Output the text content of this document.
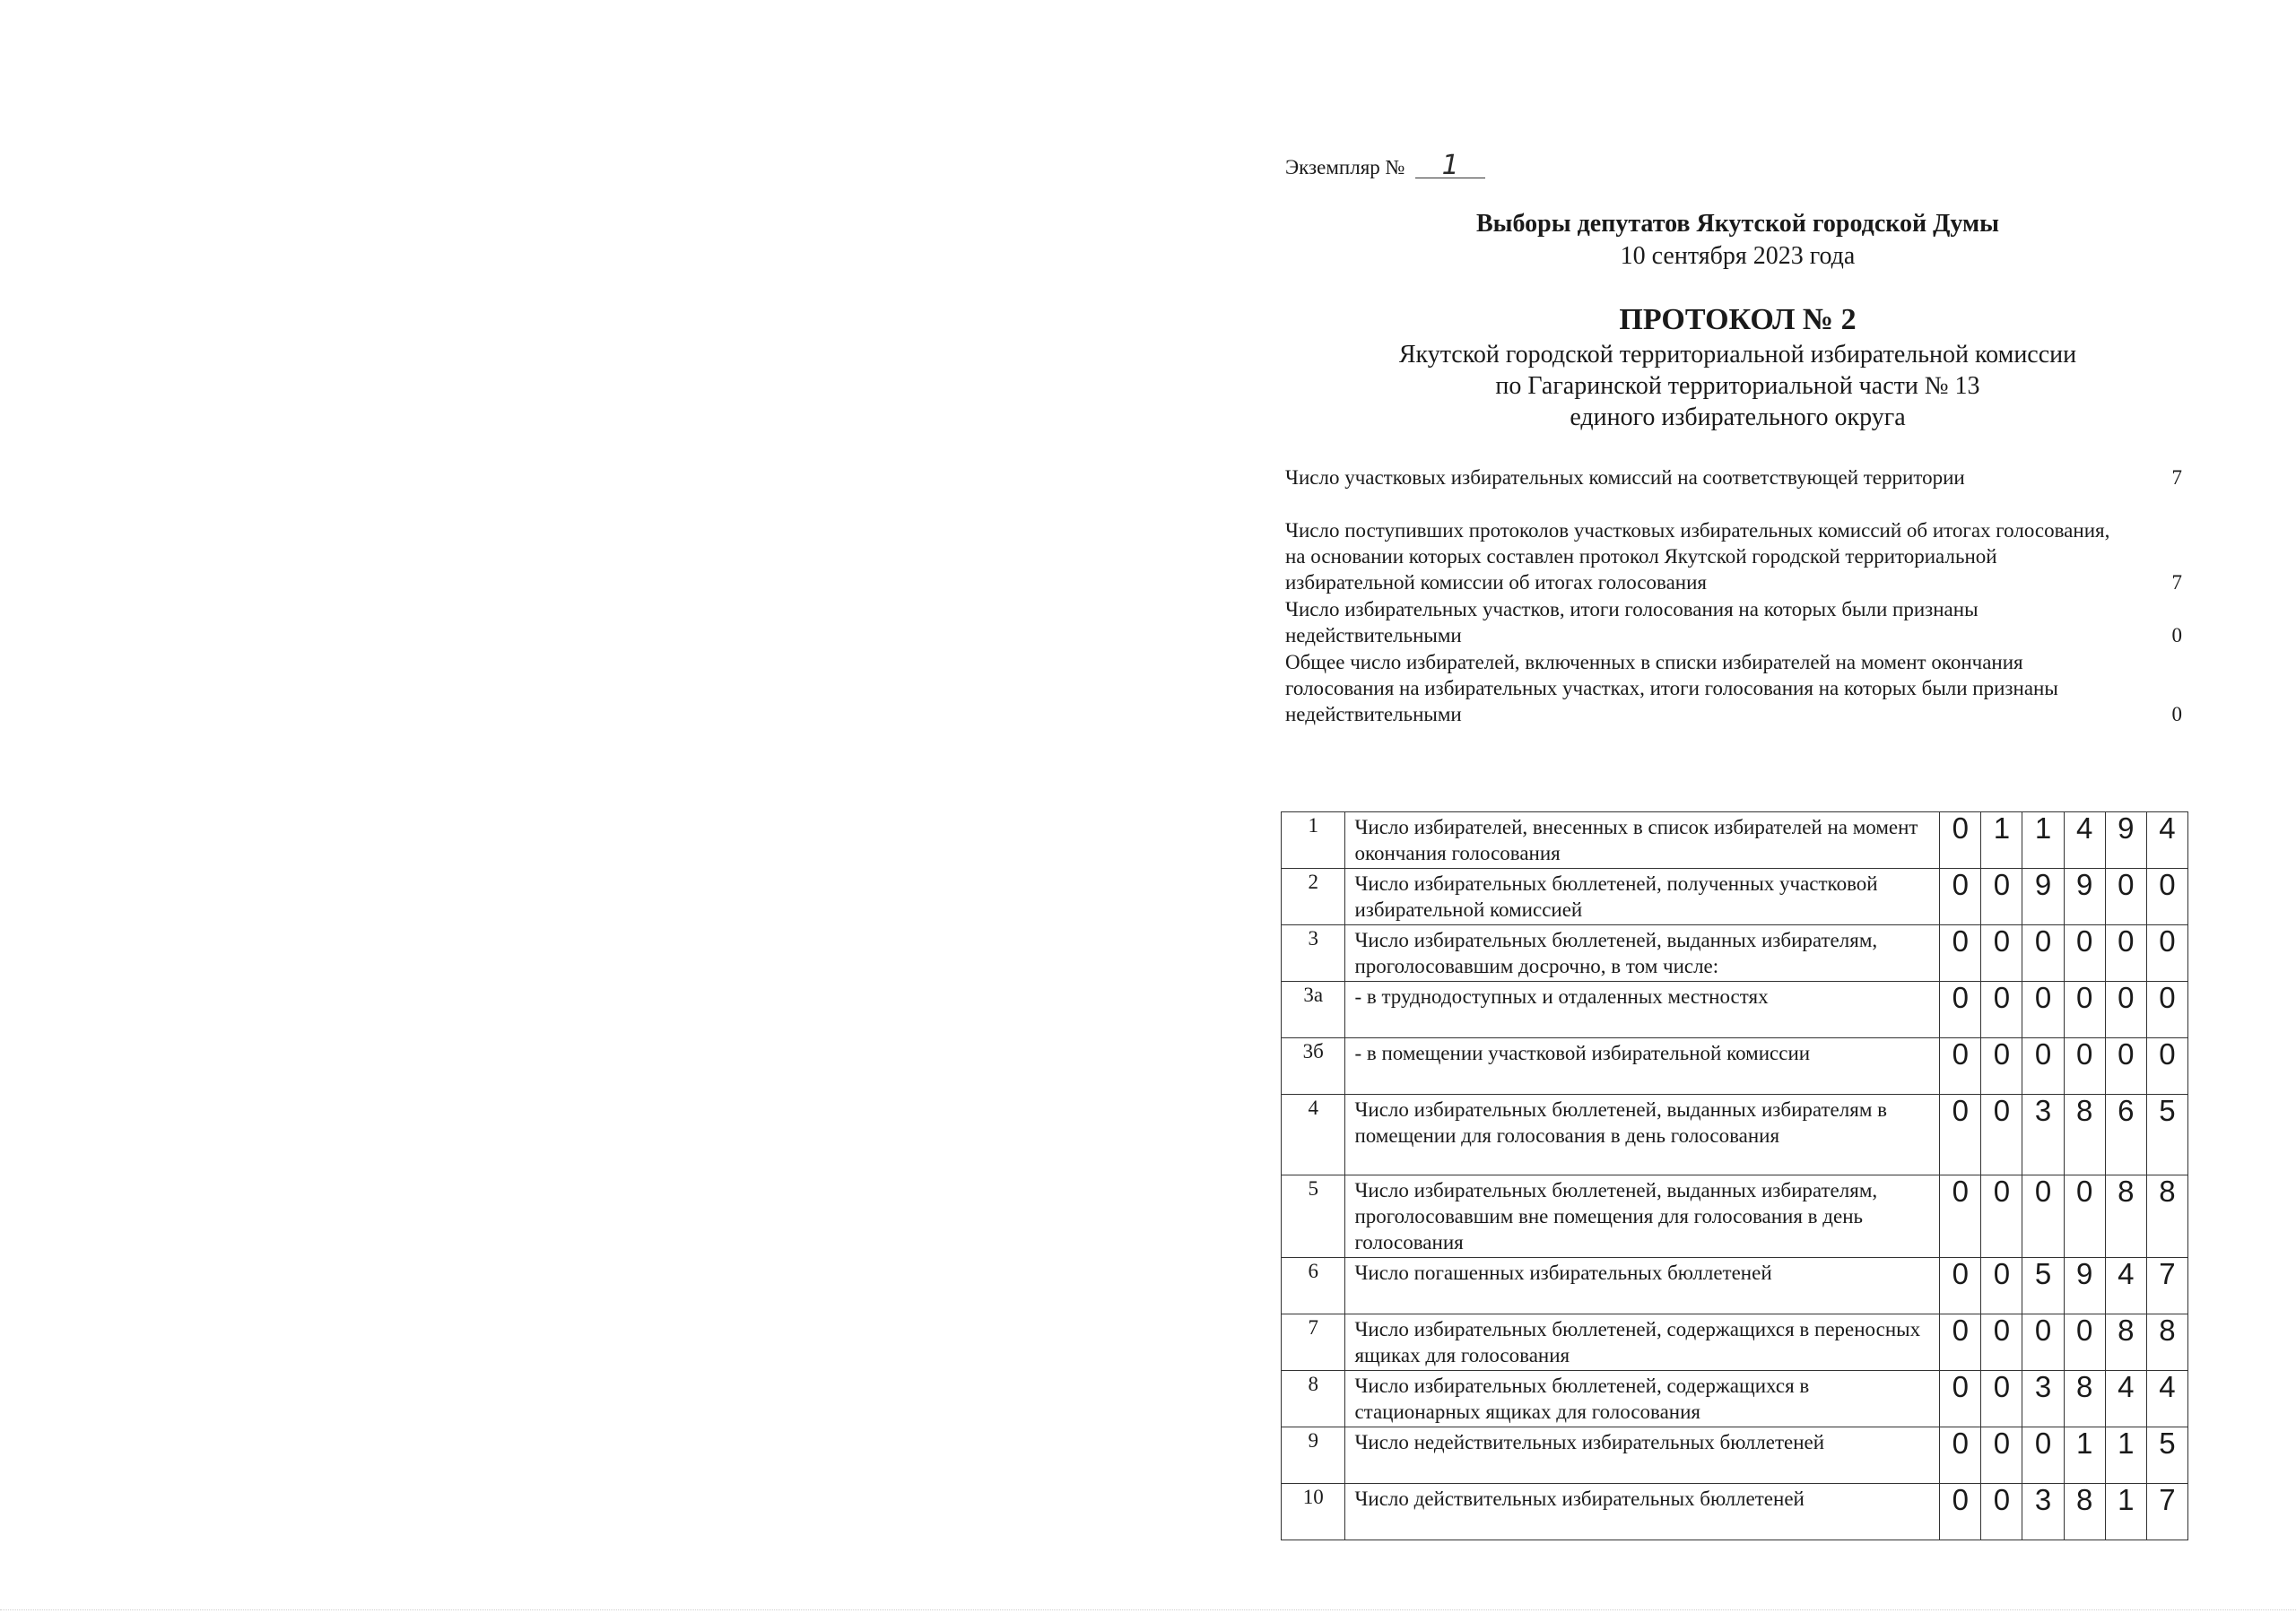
Экземпляр № 1
Выборы депутатов Якутской городской Думы
10 сентября 2023 года
ПРОТОКОЛ № 2
Якутской городской территориальной избирательной комиссии
по Гагаринской территориальной части № 13
единого избирательного округа
Число участковых избирательных комиссий на соответствующей территории	7
Число поступивших протоколов участковых избирательных комиссий об итогах голосования, на основании которых составлен протокол Якутской городской территориальной избирательной комиссии об итогах голосования	7
Число избирательных участков, итоги голосования на которых были признаны недействительными	0
Общее число избирателей, включенных в списки избирателей на момент окончания голосования на избирательных участках, итоги голосования на которых были признаны недействительными	0
1	Число избирателей, внесенных в список избирателей на момент окончания голосования	0	1	1	4	9	4
2	Число избирательных бюллетеней, полученных участковой избирательной комиссией	0	0	9	9	0	0
3	Число избирательных бюллетеней, выданных избирателям, проголосовавшим досрочно, в том числе:	0	0	0	0	0	0
3а	- в труднодоступных и отдаленных местностях	0	0	0	0	0	0
3б	- в помещении участковой избирательной комиссии	0	0	0	0	0	0
4	Число избирательных бюллетеней, выданных избирателям в помещении для голосования в день голосования	0	0	3	8	6	5
5	Число избирательных бюллетеней, выданных избирателям, проголосовавшим вне помещения для голосования в день голосования	0	0	0	0	8	8
6	Число погашенных избирательных бюллетеней	0	0	5	9	4	7
7	Число избирательных бюллетеней, содержащихся в переносных ящиках для голосования	0	0	0	0	8	8
8	Число избирательных бюллетеней, содержащихся в стационарных ящиках для голосования	0	0	3	8	4	4
9	Число недействительных избирательных бюллетеней	0	0	0	1	1	5
10	Число действительных избирательных бюллетеней	0	0	3	8	1	7
